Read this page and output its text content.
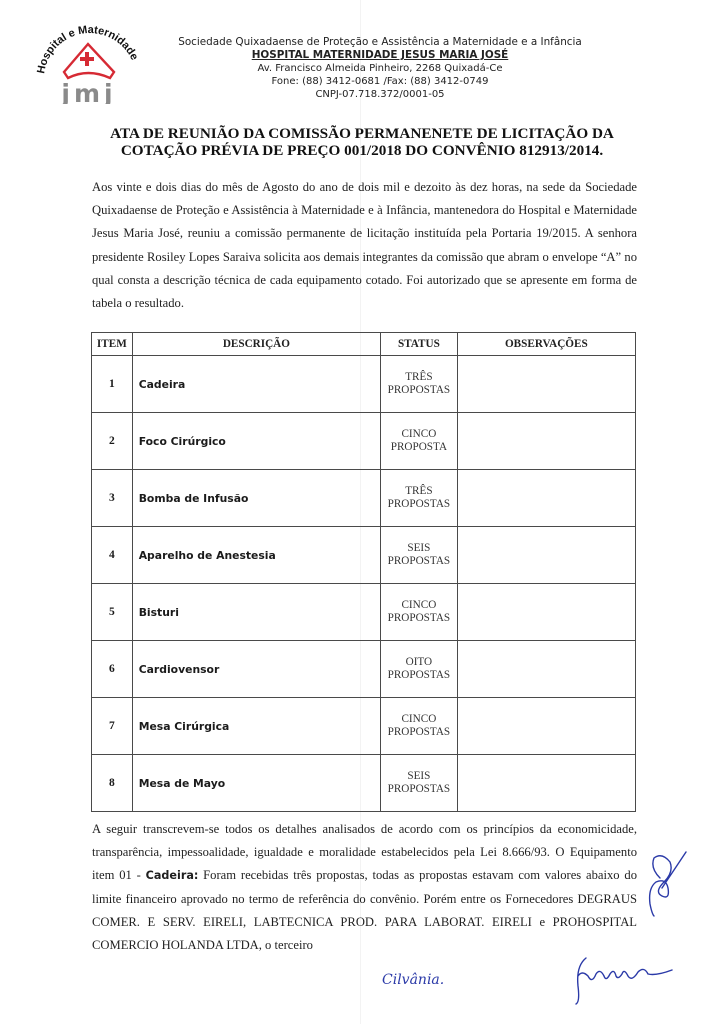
Hospital e Maternidade
jmj
Sociedade Quixadaense de Proteção e Assistência a Maternidade e a Infância
HOSPITAL MATERNIDADE JESUS MARIA JOSÉ
Av. Francisco Almeida Pinheiro, 2268 Quixadá-Ce
Fone: (88) 3412-0681 /Fax: (88) 3412-0749
CNPJ-07.718.372/0001-05
ATA DE REUNIÃO DA COMISSÃO PERMANENETE DE LICITAÇÃO DA
COTAÇÃO PRÉVIA DE PREÇO 001/2018 DO CONVÊNIO 812913/2014.
Aos vinte e dois dias do mês de Agosto do ano de dois mil e dezoito às dez horas, na sede da Sociedade Quixadaense de Proteção e Assistência à Maternidade e à Infância, mantenedora do Hospital e Maternidade Jesus Maria José, reuniu a comissão permanente de licitação instituída pela Portaria 19/2015. A senhora presidente Rosiley Lopes Saraiva solicita aos demais integrantes da comissão que abram o envelope “A” no qual consta a descrição técnica de cada equipamento cotado. Foi autorizado que se apresente em forma de tabela o resultado.
ITEM	DESCRIÇÃO	STATUS	OBSERVAÇÕES
1	Cadeira	TRÊS
PROPOSTAS	

2	Foco Cirúrgico	CINCO
PROPOSTA	

3	Bomba de Infusão	TRÊS
PROPOSTAS	

4	Aparelho de Anestesia	SEIS
PROPOSTAS	

5	Bisturi	CINCO
PROPOSTAS	

6	Cardiovensor	OITO
PROPOSTAS	

7	Mesa Cirúrgica	CINCO
PROPOSTAS	

8	Mesa de Mayo	SEIS
PROPOSTAS	

A seguir transcrevem-se todos os detalhes analisados de acordo com os princípios da economicidade, transparência, impessoalidade, igualdade e moralidade estabelecidos pela Lei 8.666/93. O Equipamento item 01 - Cadeira: Foram recebidas três propostas, todas as propostas estavam com valores abaixo do limite financeiro aprovado no termo de referência do convênio. Porém entre os Fornecedores DEGRAUS COMER. E SERV. EIRELI, LABTECNICA PROD. PARA LABORAT. EIRELI e PROHOSPITAL COMERCIO HOLANDA LTDA, o terceiro
Cilvânia.
